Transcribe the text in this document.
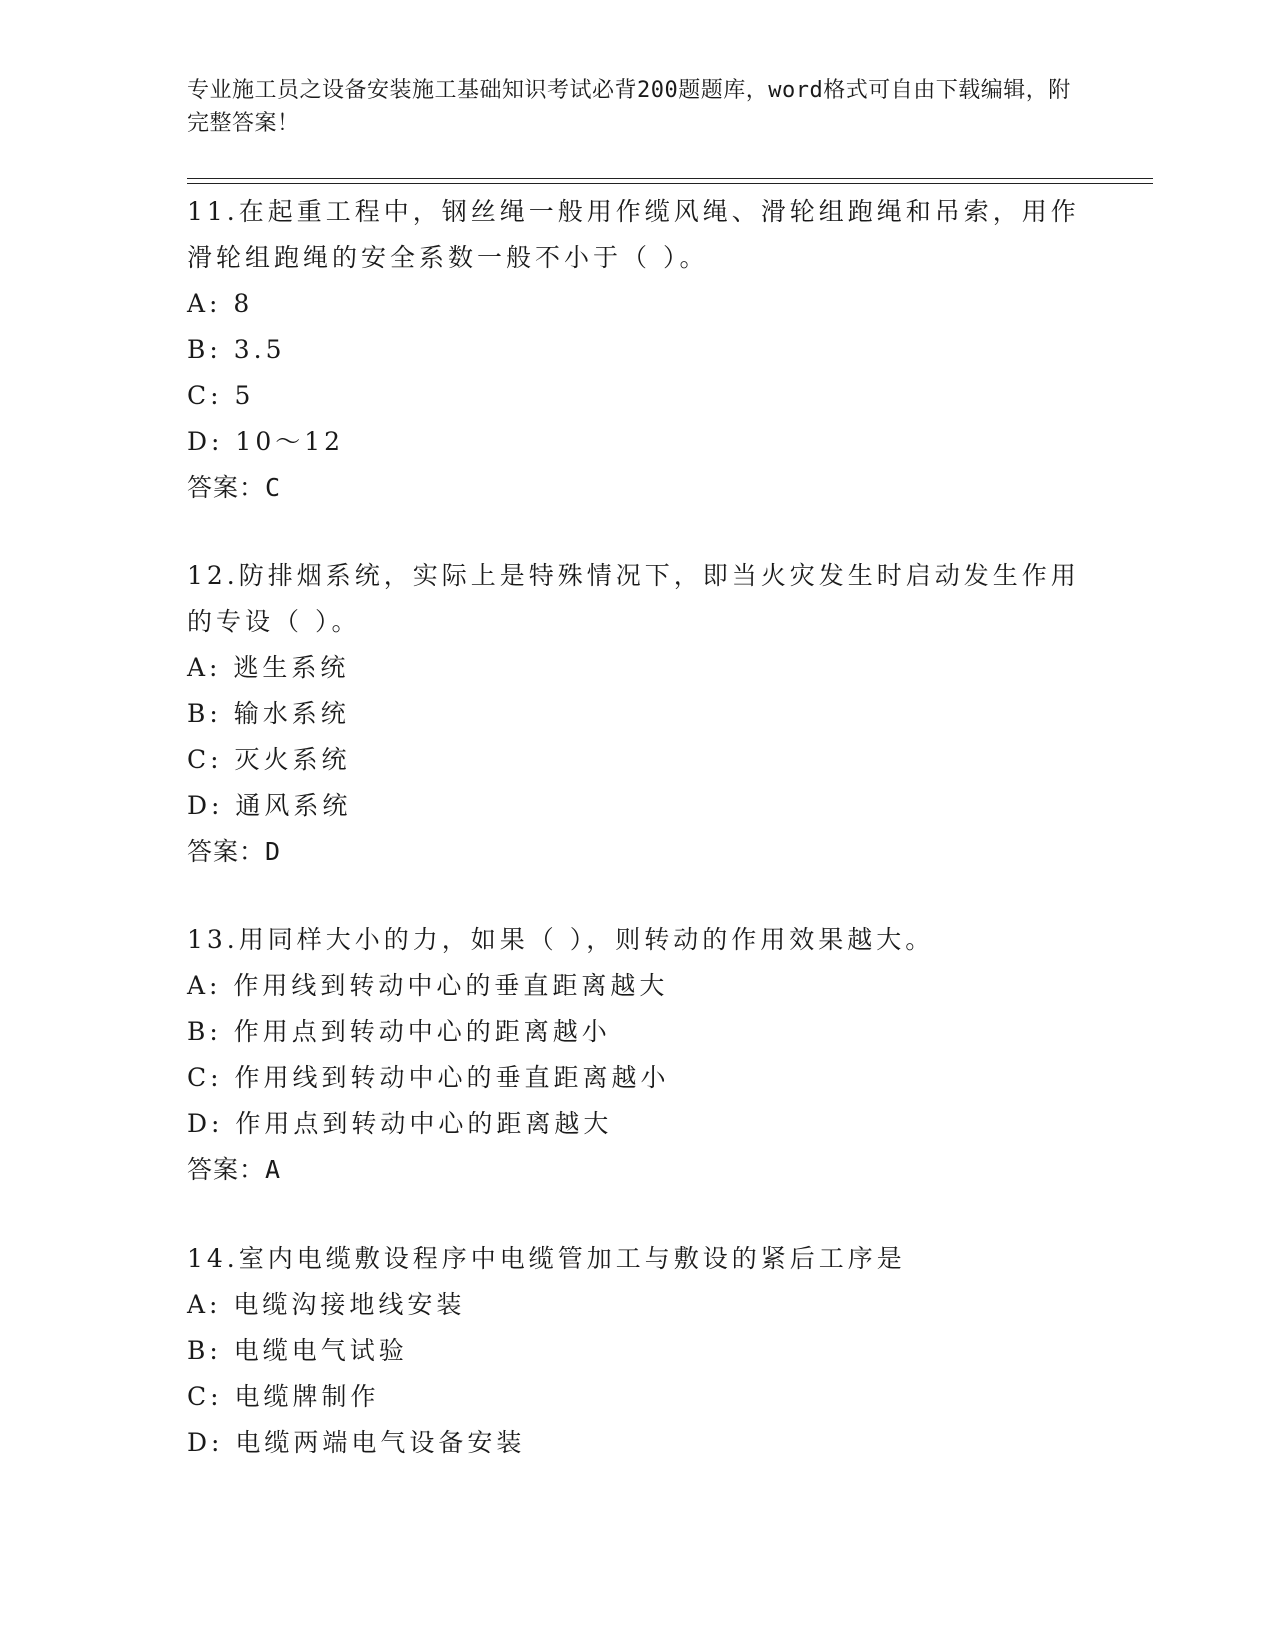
专业施工员之设备安装施工基础知识考试必背200题题库，word格式可自由下载编辑，附完整答案！
11.在起重工程中，钢丝绳一般用作缆风绳、滑轮组跑绳和吊索，用作滑轮组跑绳的安全系数一般不小于（ ）。
A: 8
B: 3.5
C: 5
D: 10～12
答案：C
12.防排烟系统，实际上是特殊情况下，即当火灾发生时启动发生作用的专设（ ）。
A: 逃生系统
B: 输水系统
C: 灭火系统
D: 通风系统
答案：D
13.用同样大小的力，如果（ ），则转动的作用效果越大。
A: 作用线到转动中心的垂直距离越大
B: 作用点到转动中心的距离越小
C: 作用线到转动中心的垂直距离越小
D: 作用点到转动中心的距离越大
答案：A
14.室内电缆敷设程序中电缆管加工与敷设的紧后工序是
A: 电缆沟接地线安装
B: 电缆电气试验
C: 电缆牌制作
D: 电缆两端电气设备安装
